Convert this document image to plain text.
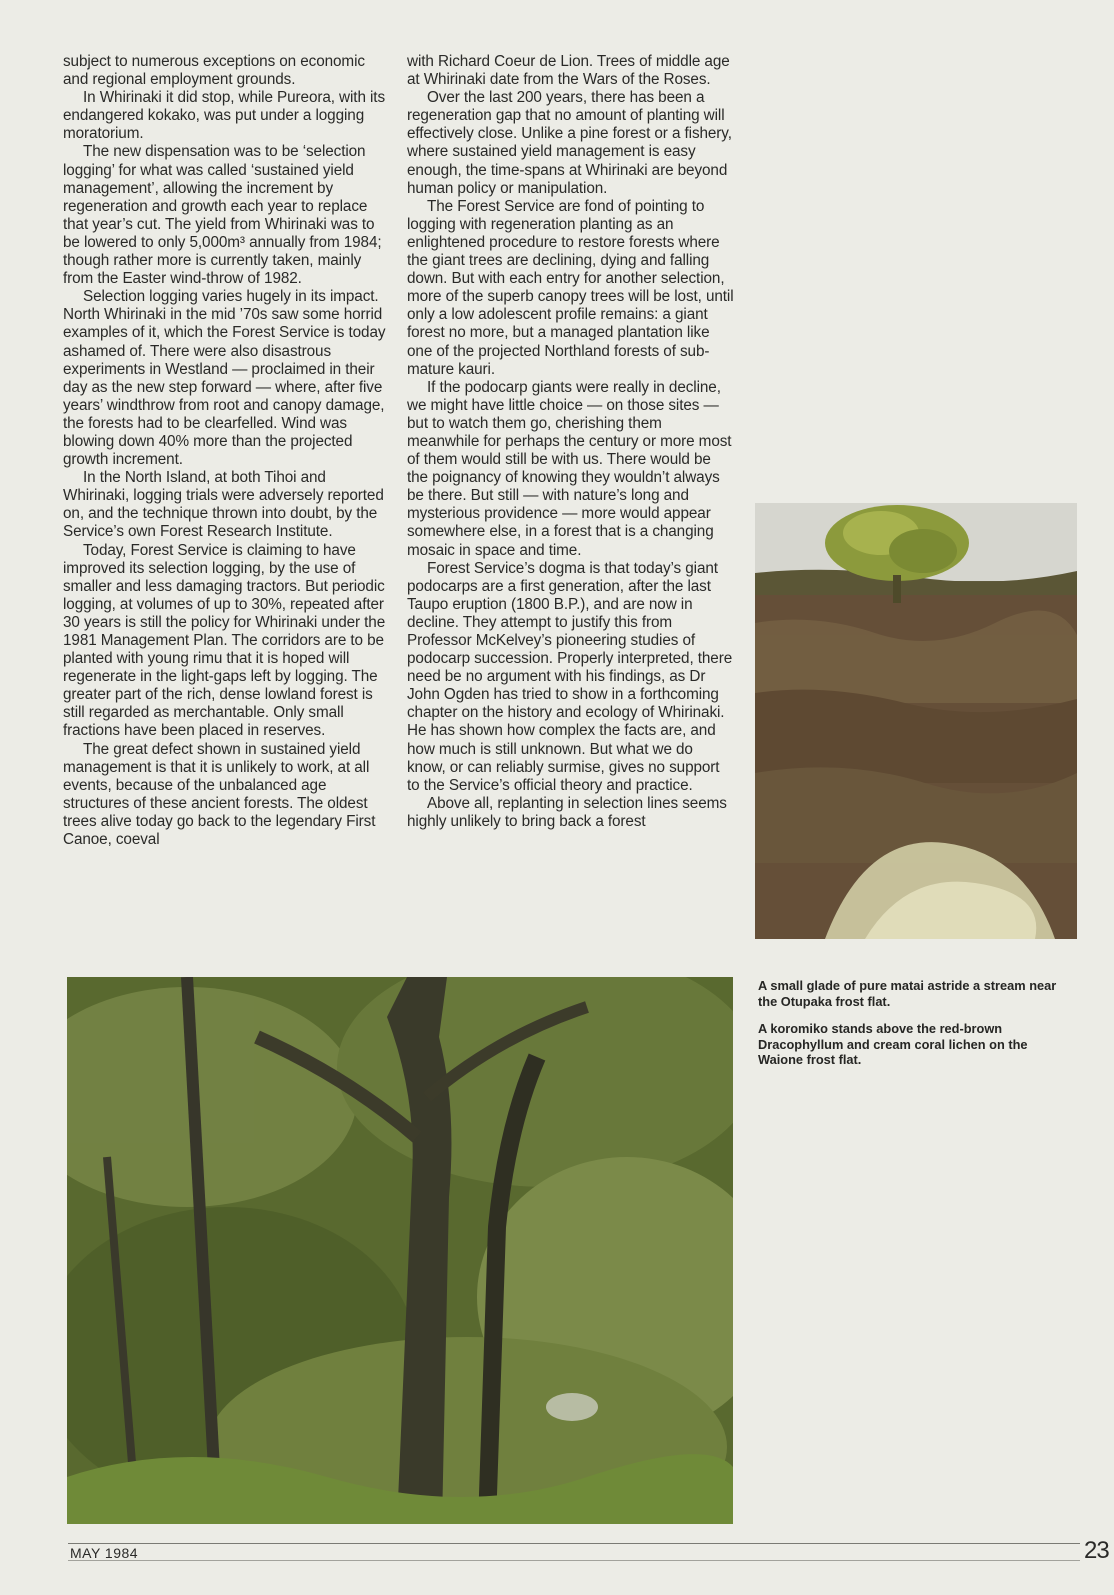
subject to numerous exceptions on economic and regional employment grounds.

In Whirinaki it did stop, while Pureora, with its endangered kokako, was put under a logging moratorium.

The new dispensation was to be ‘selection logging’ for what was called ‘sustained yield management’, allowing the increment by regeneration and growth each year to replace that year’s cut. The yield from Whirinaki was to be lowered to only 5,000m³ annually from 1984; though rather more is currently taken, mainly from the Easter wind-throw of 1982.

Selection logging varies hugely in its impact. North Whirinaki in the mid ’70s saw some horrid examples of it, which the Forest Service is today ashamed of. There were also disastrous experiments in Westland — proclaimed in their day as the new step forward — where, after five years’ windthrow from root and canopy damage, the forests had to be clearfelled. Wind was blowing down 40% more than the projected growth increment.

In the North Island, at both Tihoi and Whirinaki, logging trials were adversely reported on, and the technique thrown into doubt, by the Service’s own Forest Research Institute.

Today, Forest Service is claiming to have improved its selection logging, by the use of smaller and less damaging tractors. But periodic logging, at volumes of up to 30%, repeated after 30 years is still the policy for Whirinaki under the 1981 Management Plan. The corridors are to be planted with young rimu that it is hoped will regenerate in the light-gaps left by logging. The greater part of the rich, dense lowland forest is still regarded as merchantable. Only small fractions have been placed in reserves.

The great defect shown in sustained yield management is that it is unlikely to work, at all events, because of the unbalanced age structures of these ancient forests. The oldest trees alive today go back to the legendary First Canoe, coeval

with Richard Coeur de Lion. Trees of middle age at Whirinaki date from the Wars of the Roses.

Over the last 200 years, there has been a regeneration gap that no amount of planting will effectively close. Unlike a pine forest or a fishery, where sustained yield management is easy enough, the time-spans at Whirinaki are beyond human policy or manipulation.

The Forest Service are fond of pointing to logging with regeneration planting as an enlightened procedure to restore forests where the giant trees are declining, dying and falling down. But with each entry for another selection, more of the superb canopy trees will be lost, until only a low adolescent profile remains: a giant forest no more, but a managed plantation like one of the projected Northland forests of sub-mature kauri.

If the podocarp giants were really in decline, we might have little choice — on those sites — but to watch them go, cherishing them meanwhile for perhaps the century or more most of them would still be with us. There would be the poignancy of knowing they wouldn’t always be there. But still — with nature’s long and mysterious providence — more would appear somewhere else, in a forest that is a changing mosaic in space and time.

Forest Service’s dogma is that today’s giant podocarps are a first generation, after the last Taupo eruption (1800 B.P.), and are now in decline. They attempt to justify this from Professor McKelvey’s pioneering studies of podocarp succession. Properly interpreted, there need be no argument with his findings, as Dr John Ogden has tried to show in a forthcoming chapter on the history and ecology of Whirinaki. He has shown how complex the facts are, and how much is still unknown. But what we do know, or can reliably surmise, gives no support to the Service’s official theory and practice.

Above all, replanting in selection lines seems highly unlikely to bring back a forest

A small glade of pure matai astride a stream near the Otupaka frost flat.

A koromiko stands above the red-brown Dracophyllum and cream coral lichen on the Waione frost flat.

MAY 1984	23
